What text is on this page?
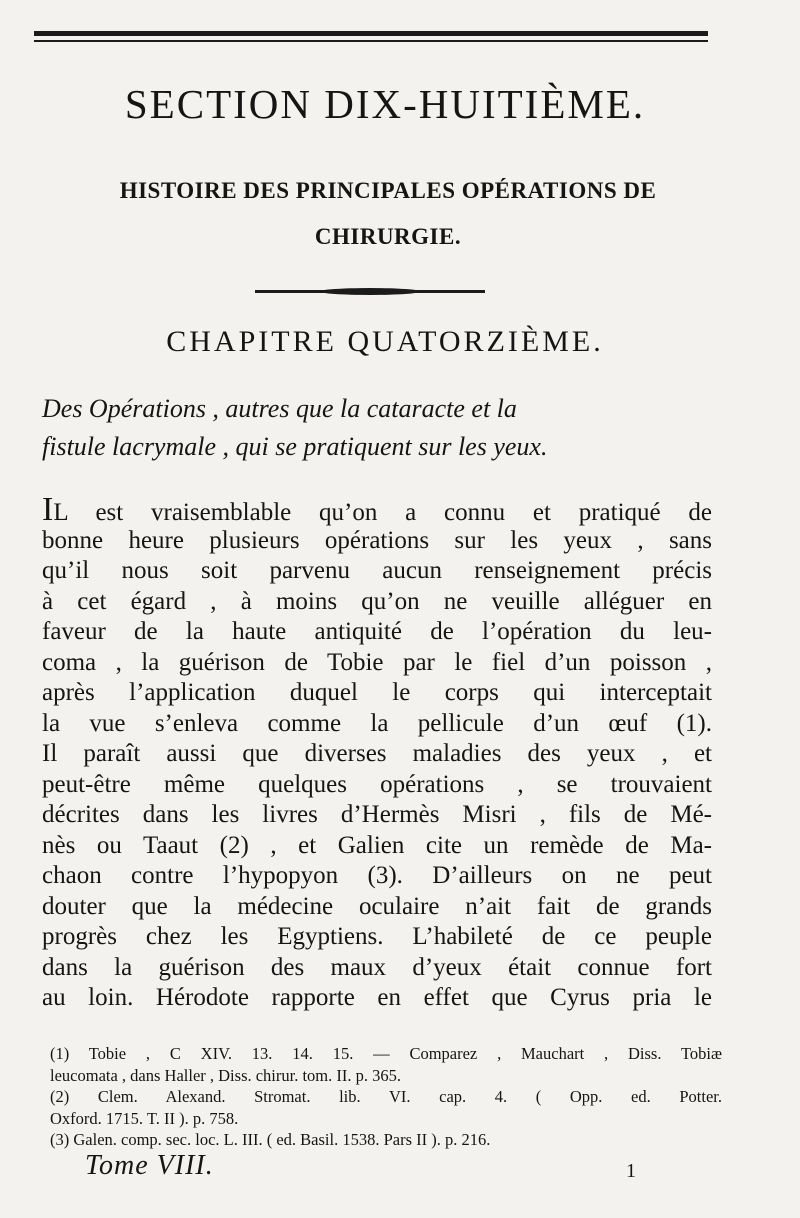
SECTION DIX-HUITIÈME.
HISTOIRE DES PRINCIPALES OPÉRATIONS DE
CHIRURGIE.
CHAPITRE QUATORZIÈME.
Des Opérations , autres que la cataracte et la
fistule lacrymale , qui se pratiquent sur les yeux.
IL est vraisemblable qu’on a connu et pratiqué de
bonne heure plusieurs opérations sur les yeux , sans
qu’il nous soit parvenu aucun renseignement précis
à cet égard , à moins qu’on ne veuille alléguer en
faveur de la haute antiquité de l’opération du leu-
coma , la guérison de Tobie par le fiel d’un poisson ,
après l’application duquel le corps qui interceptait
la vue s’enleva comme la pellicule d’un œuf (1).
Il paraît aussi que diverses maladies des yeux , et
peut-être même quelques opérations , se trouvaient
décrites dans les livres d’Hermès Misri , fils de Mé-
nès ou Taaut (2) , et Galien cite un remède de Ma-
chaon contre l’hypopyon (3). D’ailleurs on ne peut
douter que la médecine oculaire n’ait fait de grands
progrès chez les Egyptiens. L’habileté de ce peuple
dans la guérison des maux d’yeux était connue fort
au loin. Hérodote rapporte en effet que Cyrus pria le
(1) Tobie , C XIV. 13. 14. 15. — Comparez , Mauchart , Diss. Tobiæ
leucomata , dans Haller , Diss. chirur. tom. II. p. 365.
(2) Clem. Alexand. Stromat. lib. VI. cap. 4. ( Opp. ed. Potter.
Oxford. 1715. T. II ). p. 758.
(3) Galen. comp. sec. loc. L. III. ( ed. Basil. 1538. Pars II ). p. 216.
Tome VIII.	1
